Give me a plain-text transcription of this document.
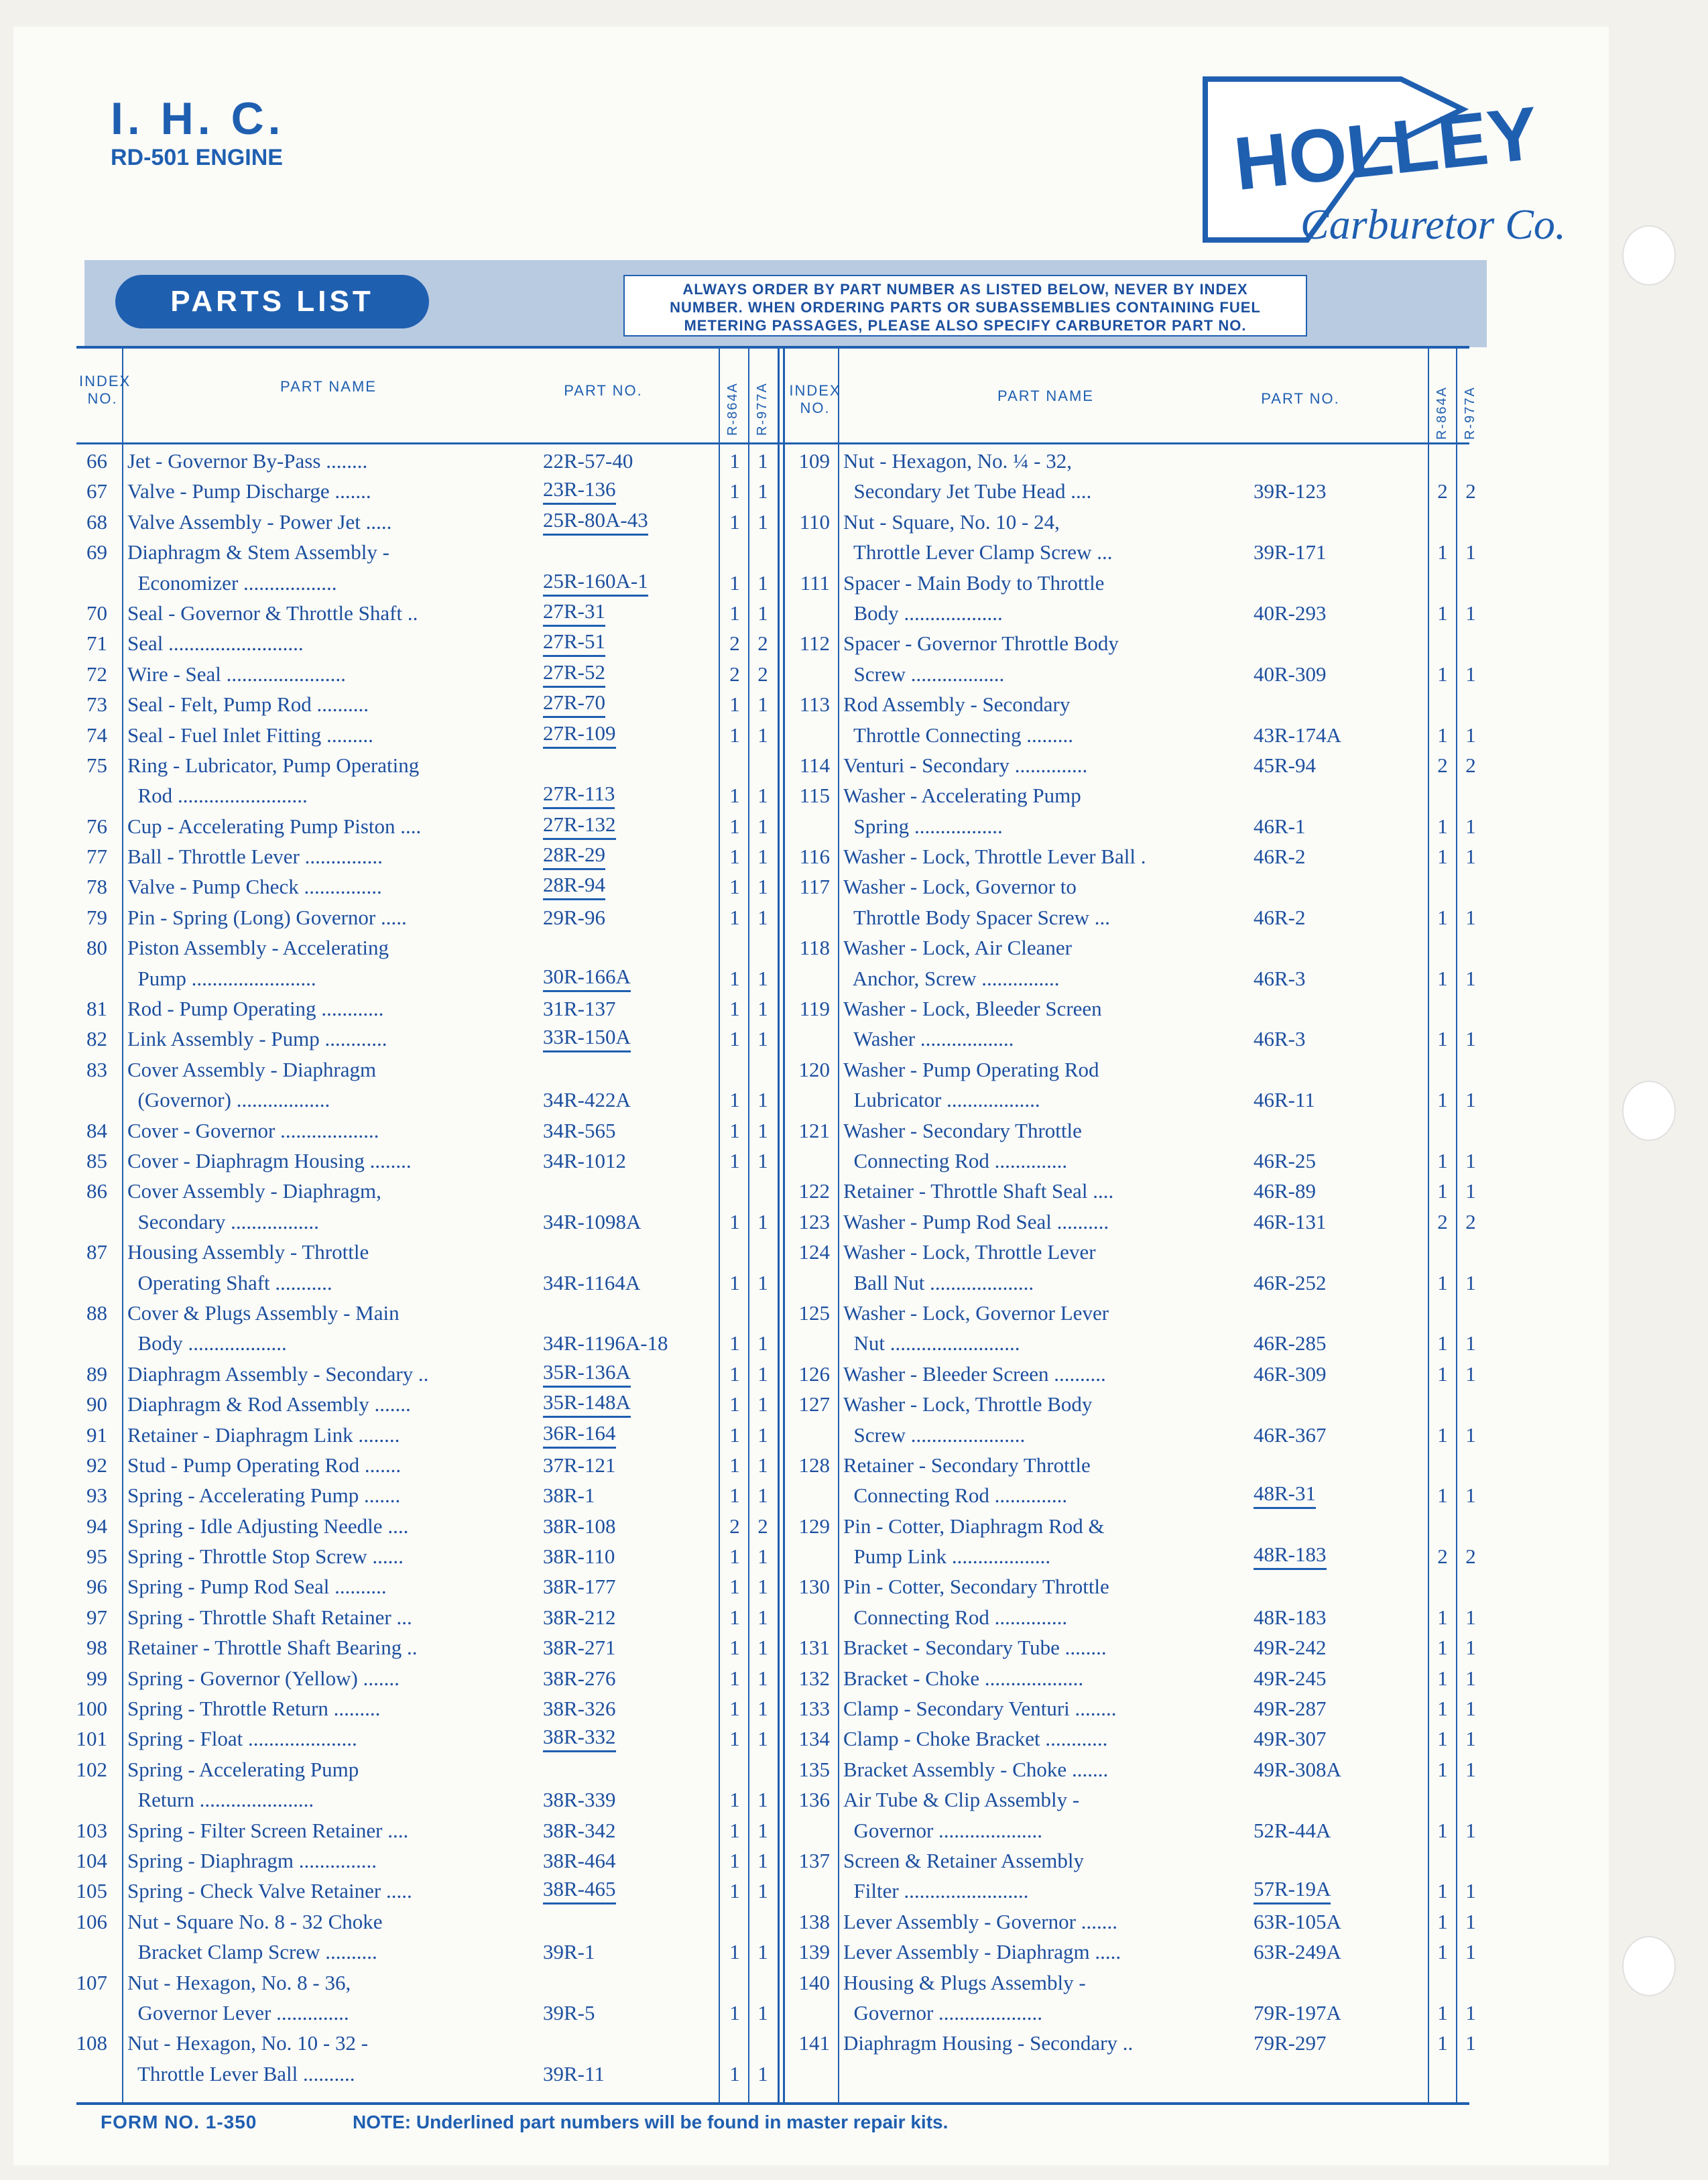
I. H. C.
RD-501 ENGINE	HOLLEY
Carburetor Co.
PARTS LIST	ALWAYS ORDER BY PART NUMBER AS LISTED BELOW, NEVER BY INDEX
NUMBER. WHEN ORDERING PARTS OR SUBASSEMBLIES CONTAINING FUEL
METERING PASSAGES, PLEASE ALSO SPECIFY CARBURETOR PART NO.
INDEX NO.
PART NAME	PART NO.	R-864A R-977A INDEX NO.
PART NAME	PART NO.	R-864A R-977A
66 Jet - Governor By-Pass ........	22R-57-40	1 1
67 Valve - Pump Discharge .......	23R-136	1 1
68 Valve Assembly - Power Jet .....	25R-80A-43	1 1
69 Diaphragm & Stem Assembly -
Economizer ..................	25R-160A-1	1 1
70 Seal - Governor & Throttle Shaft ..	27R-31	1 1
71 Seal ..........................	27R-51	2 2
72 Wire - Seal .......................	27R-52	2 2
73 Seal - Felt, Pump Rod ..........	27R-70	1 1
74 Seal - Fuel Inlet Fitting .........	27R-109	1 1
75 Ring - Lubricator, Pump Operating
Rod .........................	27R-113	1 1
76 Cup - Accelerating Pump Piston ....	27R-132	1 1
77 Ball - Throttle Lever ...............	28R-29	1 1
78 Valve - Pump Check ...............	28R-94	1 1
79 Pin - Spring (Long) Governor .....	29R-96	1 1
80 Piston Assembly - Accelerating
Pump ........................	30R-166A	1 1
81 Rod - Pump Operating ............	31R-137	1 1
82 Link Assembly - Pump ............	33R-150A	1 1
83 Cover Assembly - Diaphragm
(Governor) ..................	34R-422A	1 1
84 Cover - Governor ...................	34R-565	1 1
85 Cover - Diaphragm Housing ........	34R-1012	1 1
86 Cover Assembly - Diaphragm,
Secondary .................	34R-1098A	1 1
87 Housing Assembly - Throttle
Operating Shaft ...........	34R-1164A	1 1
88 Cover & Plugs Assembly - Main
Body ...................	34R-1196A-18	1 1
89 Diaphragm Assembly - Secondary ..	35R-136A	1 1
90 Diaphragm & Rod Assembly .......	35R-148A	1 1
91 Retainer - Diaphragm Link ........	36R-164	1 1
92 Stud - Pump Operating Rod .......	37R-121	1 1
93 Spring - Accelerating Pump .......	38R-1	1 1
94 Spring - Idle Adjusting Needle ....	38R-108	2 2
95 Spring - Throttle Stop Screw ......	38R-110	1 1
96 Spring - Pump Rod Seal ..........	38R-177	1 1
97 Spring - Throttle Shaft Retainer ...	38R-212	1 1
98 Retainer - Throttle Shaft Bearing ..	38R-271	1 1
99 Spring - Governor (Yellow) .......	38R-276	1 1
100 Spring - Throttle Return .........	38R-326	1 1
101 Spring - Float .....................	38R-332	1 1
102 Spring - Accelerating Pump
Return ......................	38R-339	1 1
103 Spring - Filter Screen Retainer ....	38R-342	1 1
104 Spring - Diaphragm ...............	38R-464	1 1
105 Spring - Check Valve Retainer .....	38R-465	1 1
106 Nut - Square No. 8 - 32 Choke
Bracket Clamp Screw ..........	39R-1	1 1
107 Nut - Hexagon, No. 8 - 36,
Governor Lever ..............	39R-5	1 1
108 Nut - Hexagon, No. 10 - 32 -
Throttle Lever Ball ..........	39R-11	1 1
109 Nut - Hexagon, No. ¼ - 32,
Secondary Jet Tube Head ....	39R-123	2 2
110 Nut - Square, No. 10 - 24,
Throttle Lever Clamp Screw ...	39R-171	1 1
111 Spacer - Main Body to Throttle
Body ...................	40R-293	1 1
112 Spacer - Governor Throttle Body
Screw ..................	40R-309	1 1
113 Rod Assembly - Secondary
Throttle Connecting .........	43R-174A	1 1
114 Venturi - Secondary ..............	45R-94	2 2
115 Washer - Accelerating Pump
Spring .................	46R-1	1 1
116 Washer - Lock, Throttle Lever Ball .	46R-2	1 1
117 Washer - Lock, Governor to
Throttle Body Spacer Screw ...	46R-2	1 1
118 Washer - Lock, Air Cleaner
Anchor, Screw ...............	46R-3	1 1
119 Washer - Lock, Bleeder Screen
Washer ..................	46R-3	1 1
120 Washer - Pump Operating Rod
Lubricator ..................	46R-11	1 1
121 Washer - Secondary Throttle
Connecting Rod ..............	46R-25	1 1
122 Retainer - Throttle Shaft Seal ....	46R-89	1 1
123 Washer - Pump Rod Seal ..........	46R-131	2 2
124 Washer - Lock, Throttle Lever
Ball Nut ....................	46R-252	1 1
125 Washer - Lock, Governor Lever
Nut .........................	46R-285	1 1
126 Washer - Bleeder Screen ..........	46R-309	1 1
127 Washer - Lock, Throttle Body
Screw ......................	46R-367	1 1
128 Retainer - Secondary Throttle
Connecting Rod ..............	48R-31	1 1
129 Pin - Cotter, Diaphragm Rod &
Pump Link ...................	48R-183	2 2
130 Pin - Cotter, Secondary Throttle
Connecting Rod ..............	48R-183	1 1
131 Bracket - Secondary Tube ........	49R-242	1 1
132 Bracket - Choke ...................	49R-245	1 1
133 Clamp - Secondary Venturi ........	49R-287	1 1
134 Clamp - Choke Bracket ............	49R-307	1 1
135 Bracket Assembly - Choke .......	49R-308A	1 1
136 Air Tube & Clip Assembly -
Governor ....................	52R-44A	1 1
137 Screen & Retainer Assembly
Filter ........................	57R-19A	1 1
138 Lever Assembly - Governor .......	63R-105A	1 1
139 Lever Assembly - Diaphragm .....	63R-249A	1 1
140 Housing & Plugs Assembly -
Governor ....................	79R-197A	1 1
141 Diaphragm Housing - Secondary ..	79R-297	1 1
FORM NO. 1-350	NOTE: Underlined part numbers will be found in master repair kits.
